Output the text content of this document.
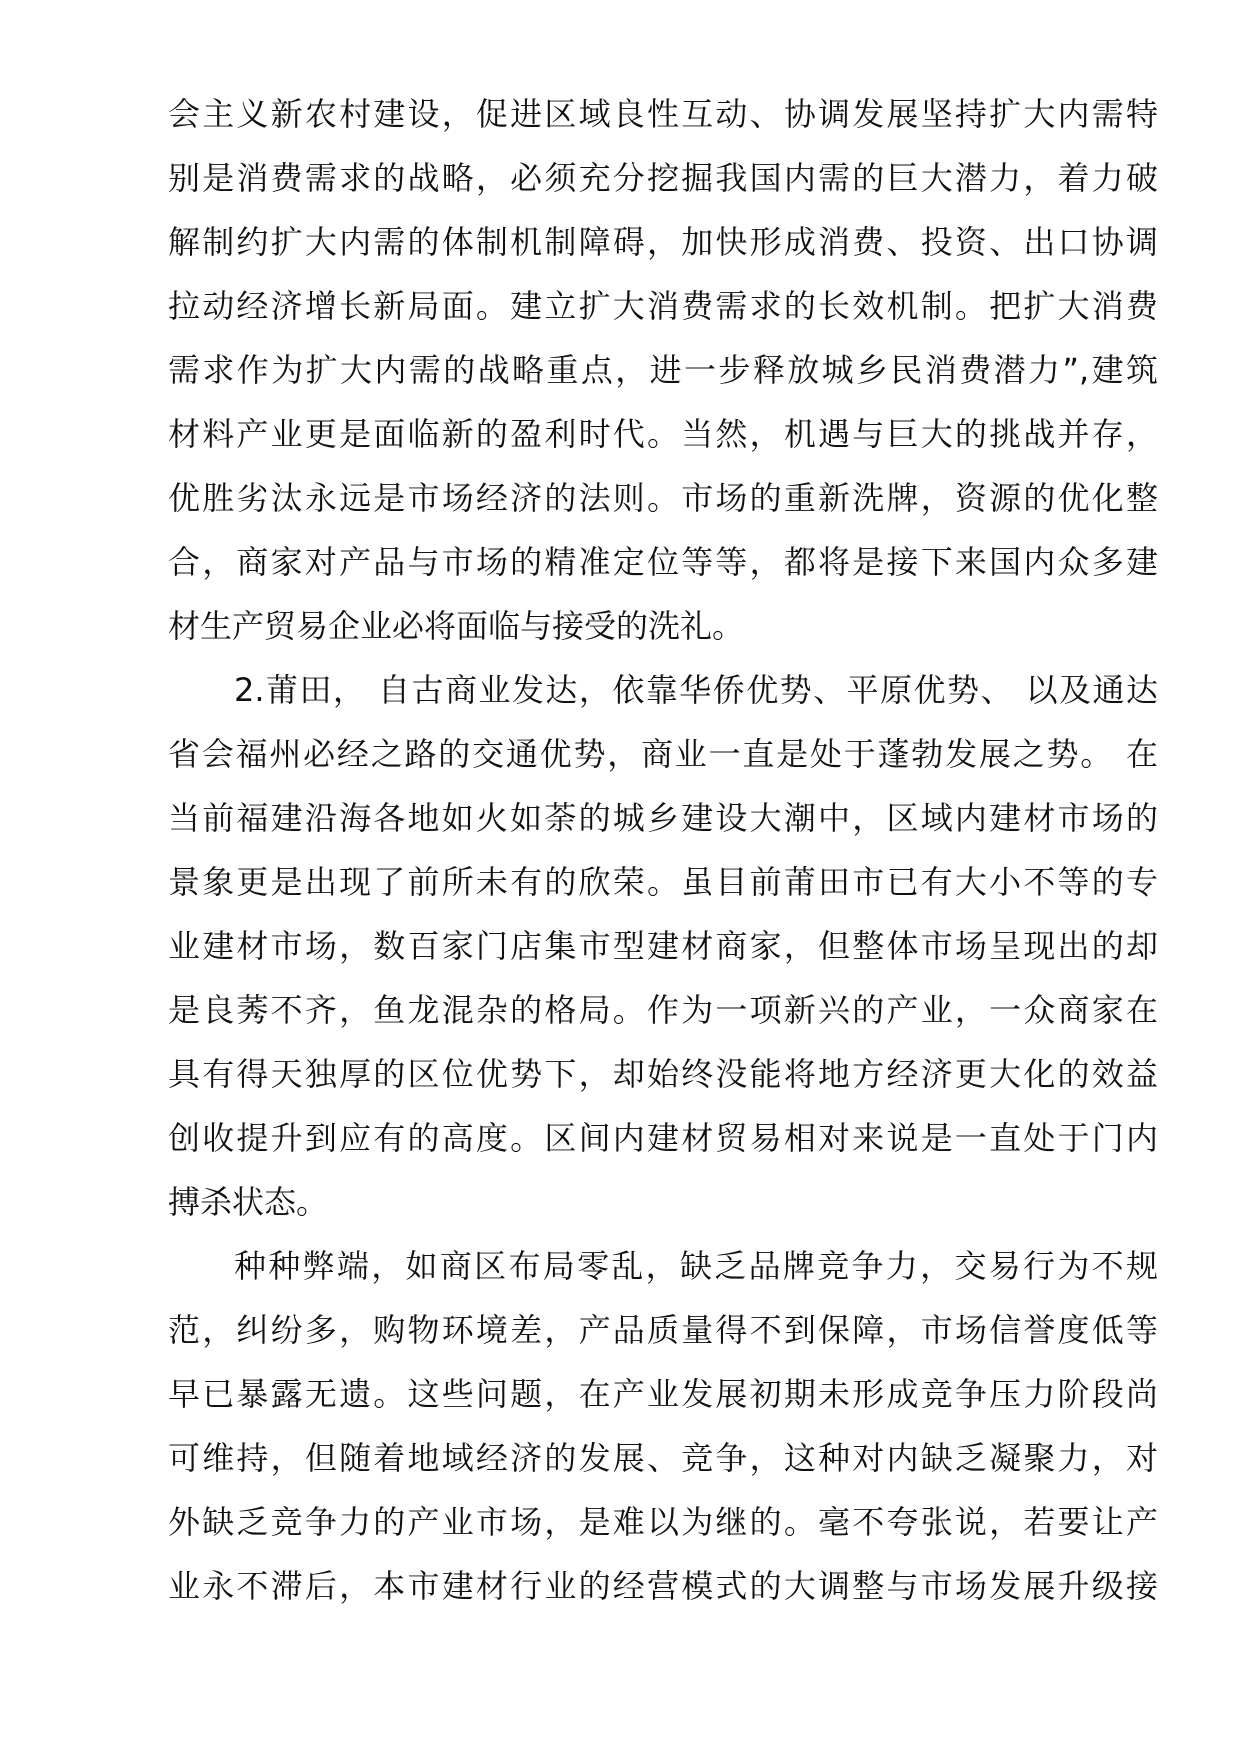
会主义新农村建设，促进区域良性互动、协调发展坚持扩大内需特
别是消费需求的战略，必须充分挖掘我国内需的巨大潜力，着力破
解制约扩大内需的体制机制障碍，加快形成消费、投资、出口协调
拉动经济增长新局面。建立扩大消费需求的长效机制。把扩大消费
需求作为扩大内需的战略重点，进一步释放城乡民消费潜力”,建筑
材料产业更是面临新的盈利时代。当然，机遇与巨大的挑战并存，
优胜劣汰永远是市场经济的法则。市场的重新洗牌，资源的优化整
合，商家对产品与市场的精准定位等等，都将是接下来国内众多建
材生产贸易企业必将面临与接受的洗礼。
2.莆田， 自古商业发达，依靠华侨优势、平原优势、 以及通达
省会福州必经之路的交通优势，商业一直是处于蓬勃发展之势。 在
当前福建沿海各地如火如荼的城乡建设大潮中，区域内建材市场的
景象更是出现了前所未有的欣荣。虽目前莆田市已有大小不等的专
业建材市场，数百家门店集市型建材商家，但整体市场呈现出的却
是良莠不齐，鱼龙混杂的格局。作为一项新兴的产业，一众商家在
具有得天独厚的区位优势下，却始终没能将地方经济更大化的效益
创收提升到应有的高度。区间内建材贸易相对来说是一直处于门内
搏杀状态。
种种弊端，如商区布局零乱，缺乏品牌竞争力，交易行为不规
范，纠纷多，购物环境差，产品质量得不到保障，市场信誉度低等
早已暴露无遗。这些问题，在产业发展初期未形成竞争压力阶段尚
可维持，但随着地域经济的发展、竞争，这种对内缺乏凝聚力，对
外缺乏竞争力的产业市场，是难以为继的。毫不夸张说，若要让产
业永不滞后，本市建材行业的经营模式的大调整与市场发展升级接
